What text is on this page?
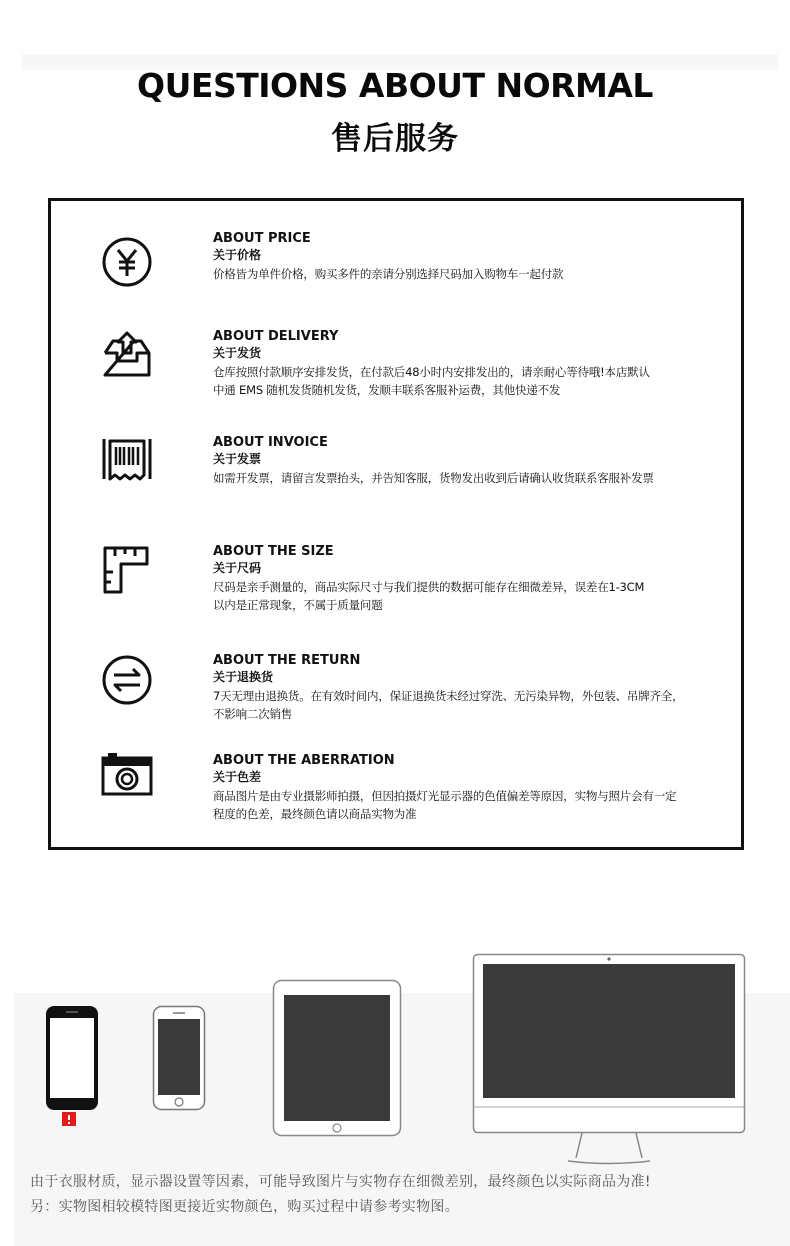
QUESTIONS ABOUT NORMAL
售后服务
ABOUT PRICE
关于价格
价格皆为单件价格，购买多件的亲请分别选择尺码加入购物车一起付款
ABOUT DELIVERY
关于发货
仓库按照付款顺序安排发货，在付款后48小时内安排发出的，请亲耐心等待哦!本店默认
中通 EMS 随机发货随机发货，发顺丰联系客服补运费，其他快递不发
ABOUT INVOICE
关于发票
如需开发票，请留言发票抬头，并告知客服，货物发出收到后请确认收货联系客服补发票
ABOUT THE SIZE
关于尺码
尺码是亲手测量的，商品实际尺寸与我们提供的数据可能存在细微差异，误差在1-3CM
以内是正常现象，不属于质量问题
ABOUT THE RETURN
关于退换货
7天无理由退换货。在有效时间内，保证退换货未经过穿洗、无污染异物，外包装、吊牌齐全，
不影响二次销售
ABOUT THE ABERRATION
关于色差
商品图片是由专业摄影师拍摄，但因拍摄灯光显示器的色值偏差等原因，实物与照片会有一定
程度的色差，最终颜色请以商品实物为准
由于衣服材质，显示器设置等因素，可能导致图片与实物存在细微差别，最终颜色以实际商品为准!
另：实物图相较模特图更接近实物颜色，购买过程中请参考实物图。
